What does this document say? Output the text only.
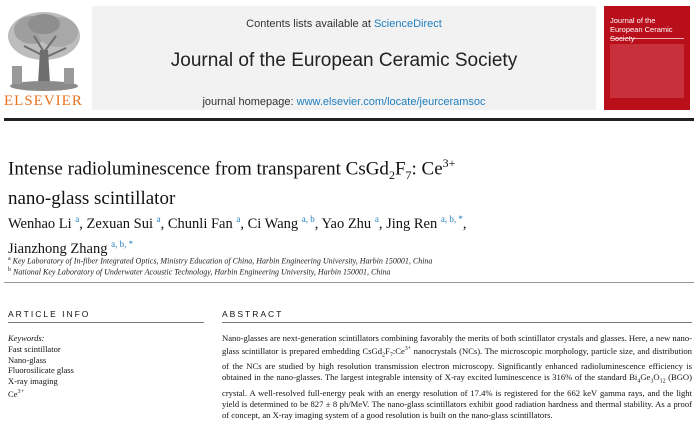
ELSEVIER
Contents lists available at ScienceDirect
Journal of the European Ceramic Society
journal homepage: www.elsevier.com/locate/jeurceramsoc
Journal of the European Ceramic
Intense radioluminescence from transparent $CsGd_2F_7$: $Ce^{3+}$
nano-glass scintillator
Wenhao Li $^a$, Zexuan Sui $^a$, Chunli Fan $^a$, Ci Wang $^{a, b}$, Yao Zhu $^a$, Jing Ren $^{a, b, *}$,
Jianzhong Zhang $^{a, b, *}$
$^a$ Key Laboratory of In-fiber Integrated Optics, Ministry Education of China, Harbin Engineering University, Harbin 150001, China
$^b$ National Key Laboratory of Underwater Acoustic Technology, Harbin Engineering University, Harbin 150001, China
ARTICLE INFO	ABSTRACT
Keywords:
Fast scintillator
Nano-glass
Fluorosilicate glass
X-ray imaging
$Ce^{3+}$

Nano-glasses are next-generation scintillators combining favorably the merits of both scintillator crystals and glasses. Here, a new nano-glass scintillator is prepared embedding $CsGd_2F_7:Ce^{3+}$ nanocrystals (NCs). The microscopic morphology, particle size, and distribution of the NCs are studied by high resolution transmission electron microscopy. Significantly enhanced radioluminescence efficiency is obtained in the nano-glasses. The largest integrable intensity of X-ray excited luminescence is 316% of the standard $Bi_4Ge_3O_{12}$ (BGO) crystal. A well-resolved full-energy peak with an energy resolution of 17.4% is registered for the 662 keV gamma rays, and the light yield is determined to be 827 ± 8 ph/MeV. The nano-glass scintillators exhibit good radiation hardness and thermal stability. As a proof of concept, an X-ray imaging system of a good resolution is built on the nano-glass scintillators.
